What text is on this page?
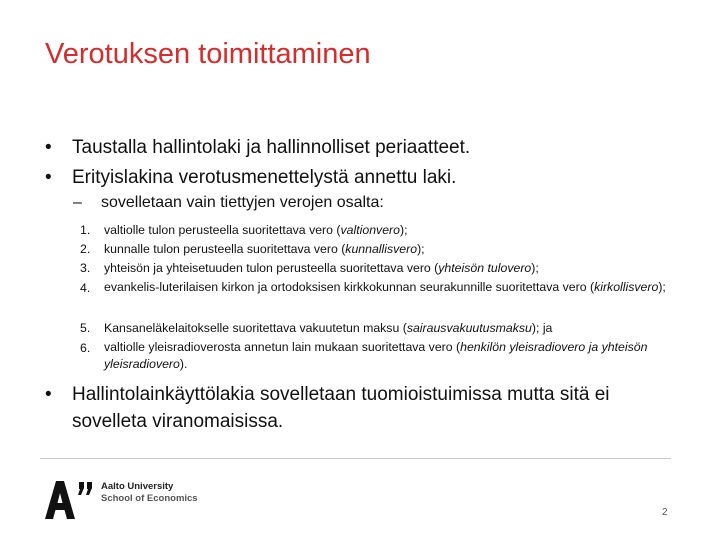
Verotuksen toimittaminen
• Taustalla hallintolaki ja hallinnolliset periaatteet.
• Erityislakina verotusmenettelystä annettu laki.
– sovelletaan vain tiettyjen verojen osalta:
1.	valtiolle tulon perusteella suoritettava vero (valtionvero);
2.	kunnalle tulon perusteella suoritettava vero (kunnallisvero);
3.	yhteisön ja yhteisetuuden tulon perusteella suoritettava vero (yhteisön tulovero);
4.	evankelis-luterilaisen kirkon ja ortodoksisen kirkkokunnan seurakunnille suoritettava vero (kirkollisvero);
5.	Kansaneläkelaitokselle suoritettava vakuutetun maksu (sairausvakuutusmaksu); ja
6.	valtiolle yleisradioverosta annetun lain mukaan suoritettava vero (henkilön yleisradiovero ja yhteisön yleisradiovero).
• Hallintolainkäyttölakia sovelletaan tuomioistuimissa mutta sitä ei sovelleta viranomaisissa.
Aalto University
School of Economics
2
